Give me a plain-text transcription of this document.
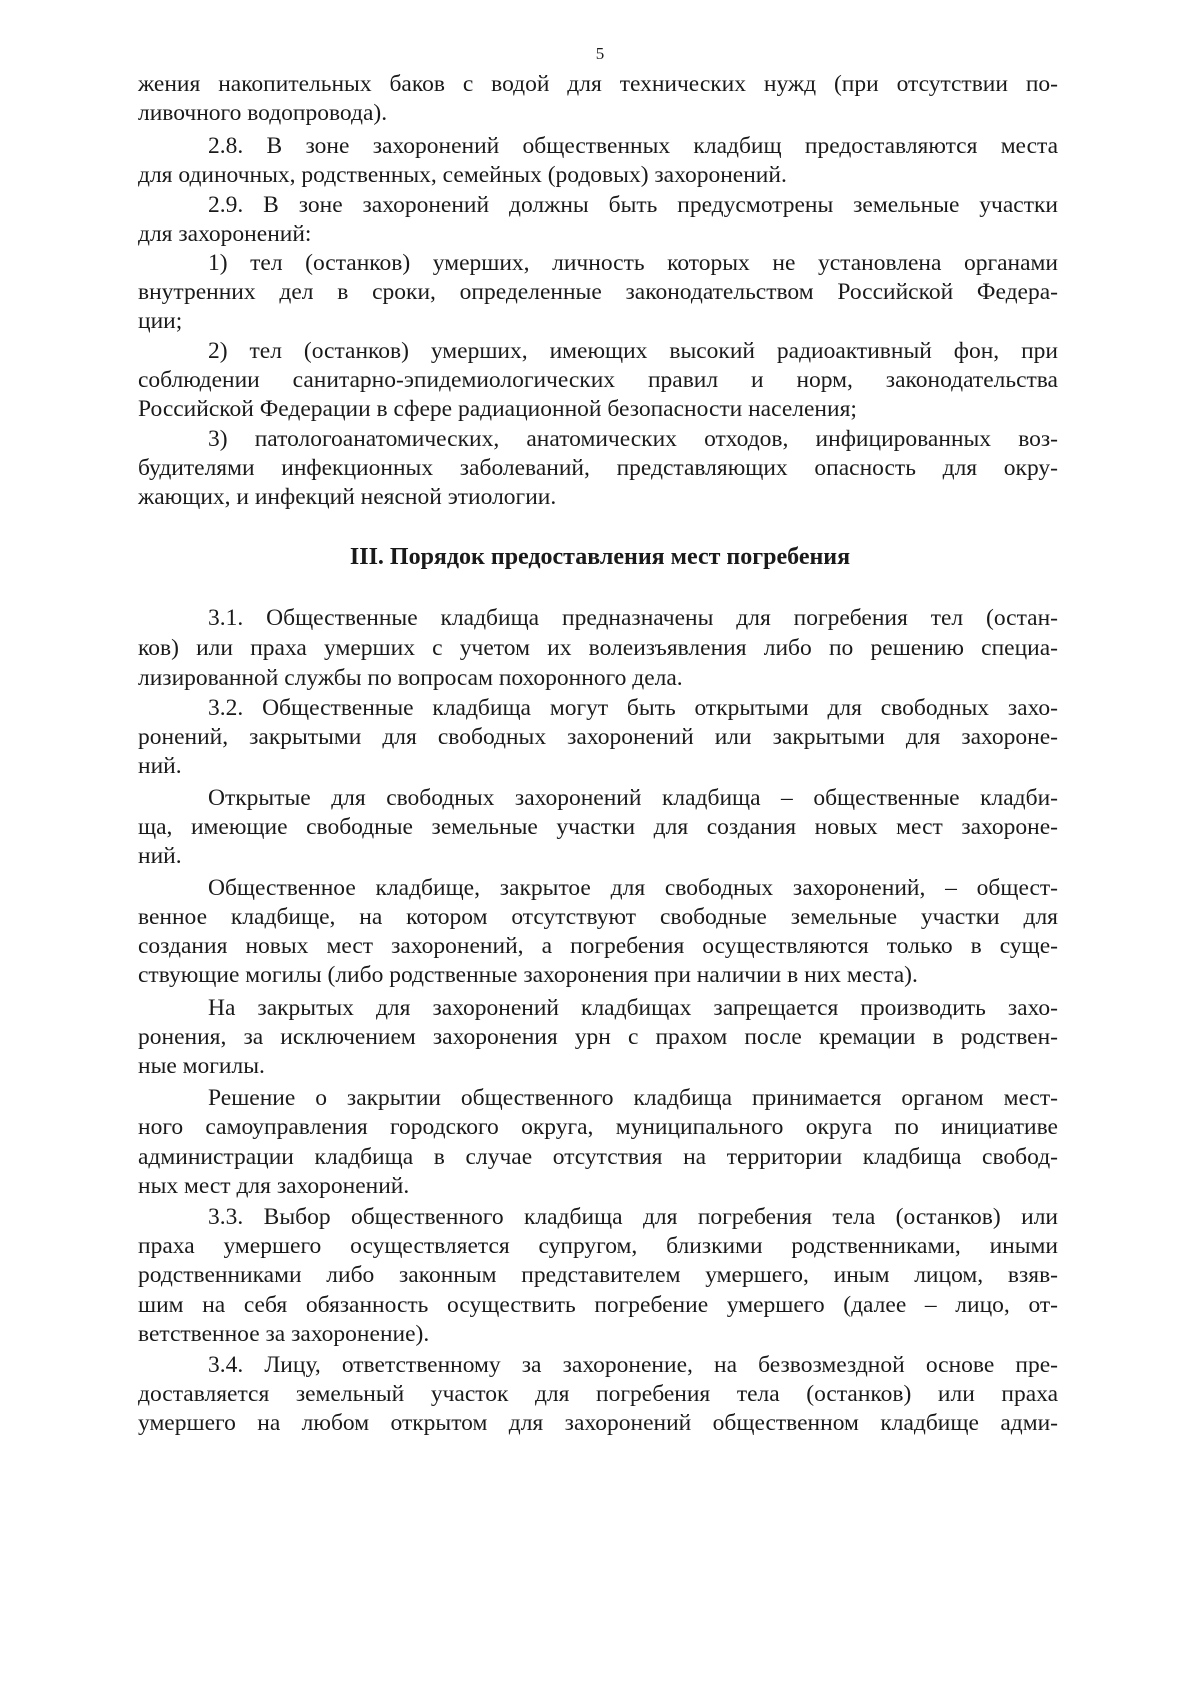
5
жения накопительных баков с водой для технических нужд (при отсутствии по-
ливочного водопровода).
2.8. В зоне захоронений общественных кладбищ предоставляются места
для одиночных, родственных, семейных (родовых) захоронений.
2.9. В зоне захоронений должны быть предусмотрены земельные участки
для захоронений:
1) тел (останков) умерших, личность которых не установлена органами
внутренних дел в сроки, определенные законодательством Российской Федера-
ции;
2) тел (останков) умерших, имеющих высокий радиоактивный фон, при
соблюдении санитарно-эпидемиологических правил и норм, законодательства
Российской Федерации в сфере радиационной безопасности населения;
3) патологоанатомических, анатомических отходов, инфицированных воз-
будителями инфекционных заболеваний, представляющих опасность для окру-
жающих, и инфекций неясной этиологии.
III. Порядок предоставления мест погребения
3.1. Общественные кладбища предназначены для погребения тел (остан-
ков) или праха умерших с учетом их волеизъявления либо по решению специа-
лизированной службы по вопросам похоронного дела.
3.2. Общественные кладбища могут быть открытыми для свободных захо-
ронений, закрытыми для свободных захоронений или закрытыми для захороне-
ний.
Открытые для свободных захоронений кладбища – общественные кладби-
ща, имеющие свободные земельные участки для создания новых мест захороне-
ний.
Общественное кладбище, закрытое для свободных захоронений, – общест-
венное кладбище, на котором отсутствуют свободные земельные участки для
создания новых мест захоронений, а погребения осуществляются только в суще-
ствующие могилы (либо родственные захоронения при наличии в них места).
На закрытых для захоронений кладбищах запрещается производить захо-
ронения, за исключением захоронения урн с прахом после кремации в родствен-
ные могилы.
Решение о закрытии общественного кладбища принимается органом мест-
ного самоуправления городского округа, муниципального округа по инициативе
администрации кладбища в случае отсутствия на территории кладбища свобод-
ных мест для захоронений.
3.3. Выбор общественного кладбища для погребения тела (останков) или
праха умершего осуществляется супругом, близкими родственниками, иными
родственниками либо законным представителем умершего, иным лицом, взяв-
шим на себя обязанность осуществить погребение умершего (далее – лицо, от-
ветственное за захоронение).
3.4. Лицу, ответственному за захоронение, на безвозмездной основе пре-
доставляется земельный участок для погребения тела (останков) или праха
умершего на любом открытом для захоронений общественном кладбище адми-
